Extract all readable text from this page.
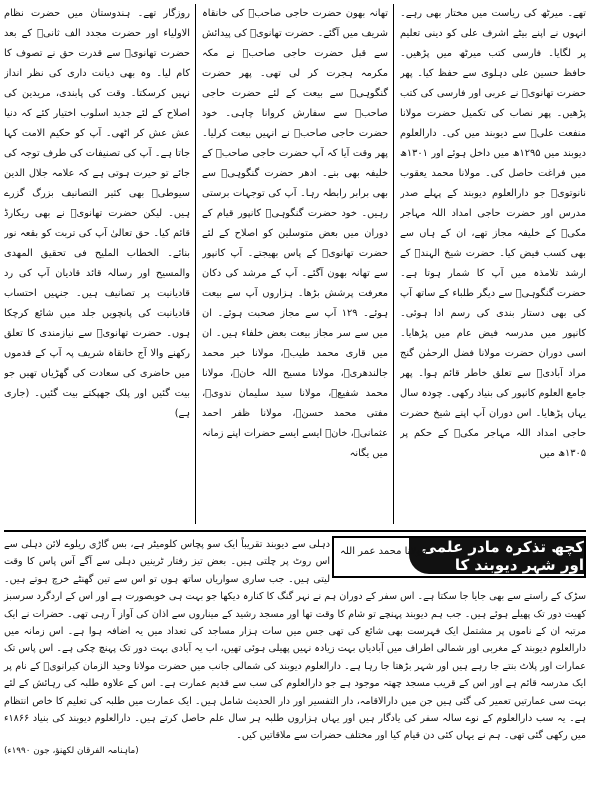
تھے۔ میرٹھ کی ریاست میں مختار بھی رہے۔ انہوں نے اپنے بیٹے اشرف علی کو دینی تعلیم پر لگایا۔ فارسی کتب میرٹھ میں پڑھیں۔ حافظ حسین علی دہلوی سے حفظ کیا۔ پھر حضرت تھانویؒ نے عربی اور فارسی کی کتب پڑھیں۔ پھر نصاب کی تکمیل حضرت مولانا منفعت علیؒ سے دیوبند میں کی۔ دارالعلوم دیوبند میں ۱۲۹۵ھ میں داخل ہوئے اور ۱۳۰۱ھ میں فراغت حاصل کی۔ مولانا محمد یعقوب نانوتویؒ جو دارالعلوم دیوبند کے پہلے صدر مدرس اور حضرت حاجی امداد اللہ مہاجر مکیؒ کے خلیفہ مجاز تھے، ان کے ہاں سے بھی کسب فیض کیا۔ حضرت شیخ الہندؒ کے ارشد تلامذہ میں آپ کا شمار ہوتا ہے۔ حضرت گنگوہیؒ سے دیگر طلباء کے ساتھ آپ کی بھی دستار بندی کی رسم ادا ہوئی۔ کانپور میں مدرسہ فیض عام میں پڑھایا۔ اسی دوران حضرت مولانا فضل الرحمٰن گنج مراد آبادیؒ سے تعلق خاطر قائم ہوا۔ پھر جامع العلوم کانپور کی بنیاد رکھی۔ چودہ سال یہاں پڑھایا۔ اس دوران آپ اپنے شیخ حضرت حاجی امداد اللہ مہاجر مکیؒ کے حکم پر ۱۳۰۵ھ میں

تھانہ بھون حضرت حاجی صاحبؒ کی خانقاہ شریف میں آگئے۔ حضرت تھانویؒ کی پیدائش سے قبل حضرت حاجی صاحبؒ نے مکہ مکرمہ ہجرت کر لی تھی۔ پھر حضرت گنگوہیؒ سے بیعت کے لئے حضرت حاجی صاحبؒ سے سفارش کروانا چاہی۔ خود حضرت حاجی صاحبؒ نے انہیں بیعت کرلیا۔ پھر وقت آیا کہ آپ حضرت حاجی صاحبؒ کے خلیفہ بھی بنے۔ ادھر حضرت گنگوہیؒ سے بھی برابر رابطہ رہا۔ آپ کی توجہات برستی رہیں۔ خود حضرت گنگوہیؒ کانپور قیام کے دوران میں بعض متوسلین کو اصلاح کے لئے حضرت تھانویؒ کے پاس بھیجتے۔ آپ کانپور سے تھانہ بھون آگئے۔ آپ کے مرشد کی دکان معرفت پرشش بڑھا۔ ہزاروں آپ سے بیعت ہوئے۔ ۱۲۹ آپ سے مجاز صحبت ہوئے۔ ان میں سے سر مجاز بیعت بعض خلفاء ہیں۔ ان میں قاری محمد طیبؒ، مولانا خیر محمد جالندھریؒ، مولانا مسیح اللہ خانؒ، مولانا محمد شفیعؒ، مولانا سید سلیمان ندویؒ، مفتی محمد حسنؒ، مولانا ظفر احمد عثمانیؒ، خانؒ ایسے ایسے حضرات اپنے زمانہ میں یگانہ

روزگار تھے۔ ہندوستان میں حضرت نظام الاولیاء اور حضرت مجدد الف ثانیؒ کے بعد حضرت تھانویؒ سے قدرت حق نے تصوف کا کام لیا۔ وہ بھی دیانت داری کی نظر انداز نہیں کرسکتا۔ وقت کی پابندی، مریدین کی اصلاح کے لئے جدید اسلوب اختیار کئے کہ دنیا عش عش کر اٹھی۔ آپ کو حکیم الامت کہا جاتا ہے۔ آپ کی تصنیفات کی طرف توجہ کی جائے تو حیرت ہوتی ہے کہ علامہ جلال الدین سیوطیؒ بھی کثیر التصانیف بزرگ گزرے ہیں۔ لیکن حضرت تھانویؒ نے بھی ریکارڈ قائم کیا۔ حق تعالیٰ آپ کی تربت کو بقعہ نور بنائے۔ الخطاب المليح فی تحقيق المهدی والمسيح اور رسالہ قائد قادیان آپ کی رد قادیانیت پر تصانیف ہیں۔ جنہیں احتساب قادیانیت کی پانچویں جلد میں شائع کرچکا ہوں۔ حضرت تھانویؒ سے نیازمندی کا تعلق رکھنے والا آج خانقاہ شریف پہ آپ کے قدموں میں حاضری کی سعادت کی گھڑیاں تھیں جو بیت گئیں اور پلک جھپکتے بیت گئیں۔ (جاری ہے)

کچھ تذکرہ مادر علمی اور شہر دیوبند کا
مولانا محمد عمر اللہ
دہلی سے دیوبند تقریباً ایک سو پچاس کلومیٹر ہے، بس گاڑی ریلوے لائن دہلی سے اس روٹ پر چلتی ہیں۔ بعض تیز رفتار ٹرینیں دہلی سے آگے آس پاس کا وقت لیتی ہیں۔ جب ساری سواریاں ساتھ ہوں تو اس سے تین گھنٹے خرچ ہوتے ہیں۔ سڑک کے راستے سے بھی جایا جا سکتا ہے۔ اس سفر کے دوران ہم نے نہر گنگ کا کنارہ دیکھا جو بہت ہی خوبصورت ہے اور اس کے اردگرد سرسبز کھیت دور تک پھیلے ہوئے ہیں۔ جب ہم دیوبند پہنچے تو شام کا وقت تھا اور مسجد رشید کے میناروں سے اذان کی آواز آ رہی تھی۔ حضرات نے ایک مرتبہ ان کے ناموں پر مشتمل ایک فہرست بھی شائع کی تھی جس میں سات ہزار مساجد کی تعداد میں یہ اضافہ ہوا ہے۔ اس زمانہ میں دارالعلوم دیوبند کے مغربی اور شمالی اطراف میں آبادیاں بہت زیادہ نہیں پھیلی ہوئی تھیں، اب یہ آبادی بہت دور تک پہنچ چکی ہے۔ اس پاس تک عمارات اور پلاٹ بنتے جا رہے ہیں اور شہر بڑھتا جا رہا ہے۔ دارالعلوم دیوبند کی شمالی جانب میں حضرت مولانا وحید الزمان کیرانویؒ کے نام پر ایک مدرسہ قائم ہے اور اس کے قریب مسجد چھتہ موجود ہے جو دارالعلوم کی سب سے قدیم عمارت ہے۔ اس کے علاوہ طلبہ کی رہائش کے لئے بہت سی عمارتیں تعمیر کی گئی ہیں جن میں دارالاقامہ، دار التفسیر اور دار الحدیث شامل ہیں۔ ایک عمارت میں طلبہ کی تعلیم کا خاص انتظام ہے۔ یہ سب دارالعلوم کے نوے سالہ سفر کی یادگار ہیں اور یہاں ہزاروں طلبہ ہر سال علم حاصل کرتے ہیں۔ دارالعلوم دیوبند کی بنیاد ۱۸۶۶ء میں رکھی گئی تھی۔ ہم نے یہاں کئی دن قیام کیا اور مختلف حضرات سے ملاقاتیں کیں۔
(ماہنامہ الفرقان لکھنؤ، جون ۱۹۹۰ء)
